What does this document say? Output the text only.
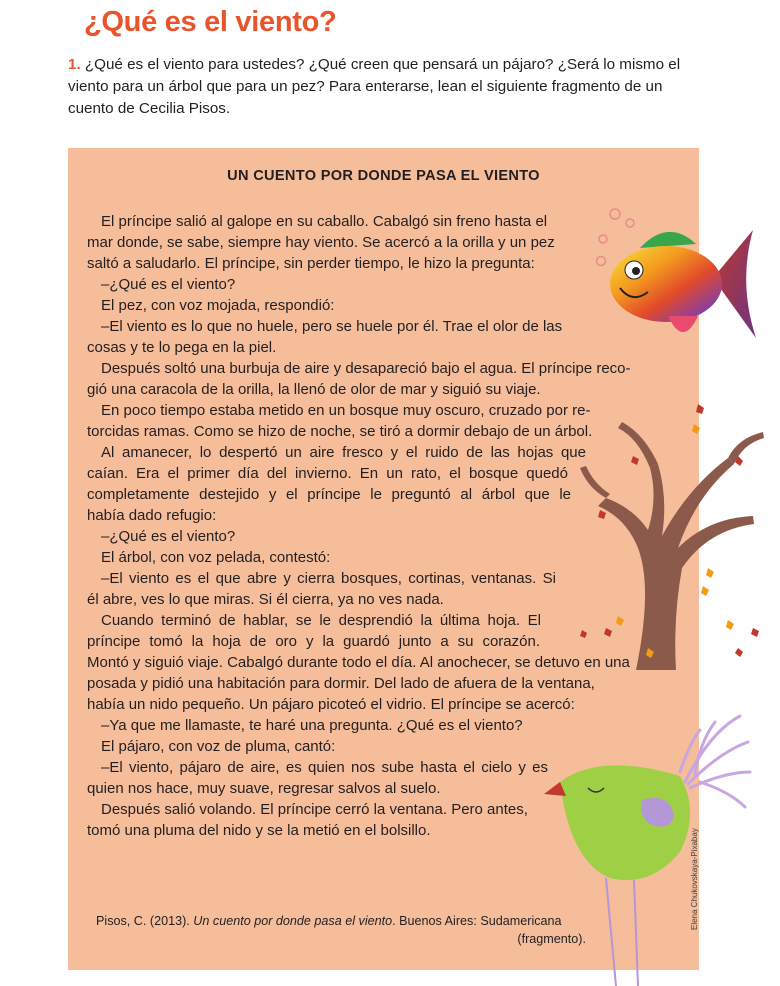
¿Qué es el viento?

1. ¿Qué es el viento para ustedes? ¿Qué creen que pensará un pájaro? ¿Será lo mismo el viento para un árbol que para un pez? Para enterarse, lean el siguiente fragmento de un cuento de Cecilia Pisos.

UN CUENTO POR DONDE PASA EL VIENTO
El príncipe salió al galope en su caballo. Cabalgó sin freno hasta el
mar donde, se sabe, siempre hay viento. Se acercó a la orilla y un pez
saltó a saludarlo. El príncipe, sin perder tiempo, le hizo la pregunta:
–¿Qué es el viento?
El pez, con voz mojada, respondió:
–El viento es lo que no huele, pero se huele por él. Trae el olor de las
cosas y te lo pega en la piel.
Después soltó una burbuja de aire y desapareció bajo el agua. El príncipe reco-
gió una caracola de la orilla, la llenó de olor de mar y siguió su viaje.
En poco tiempo estaba metido en un bosque muy oscuro, cruzado por re-
torcidas ramas. Como se hizo de noche, se tiró a dormir debajo de un árbol.
Al amanecer, lo despertó un aire fresco y el ruido de las hojas que
caían. Era el primer día del invierno. En un rato, el bosque quedó
completamente destejido y el príncipe le preguntó al árbol que le
había dado refugio:
–¿Qué es el viento?
El árbol, con voz pelada, contestó:
–El viento es el que abre y cierra bosques, cortinas, ventanas. Si
él abre, ves lo que miras. Si él cierra, ya no ves nada.
Cuando terminó de hablar, se le desprendió la última hoja. El
príncipe tomó la hoja de oro y la guardó junto a su corazón.
Montó y siguió viaje. Cabalgó durante todo el día. Al anochecer, se detuvo en una
posada y pidió una habitación para dormir. Del lado de afuera de la ventana,
había un nido pequeño. Un pájaro picoteó el vidrio. El príncipe se acercó:
–Ya que me llamaste, te haré una pregunta. ¿Qué es el viento?
El pájaro, con voz de pluma, cantó:
–El viento, pájaro de aire, es quien nos sube hasta el cielo y es
quien nos hace, muy suave, regresar salvos al suelo.
Después salió volando. El príncipe cerró la ventana. Pero antes,
tomó una pluma del nido y se la metió en el bolsillo.

Pisos, C. (2013). Un cuento por donde pasa el viento. Buenos Aires: Sudamericana
(fragmento).

Elena Chukovskaya-Pixabay
